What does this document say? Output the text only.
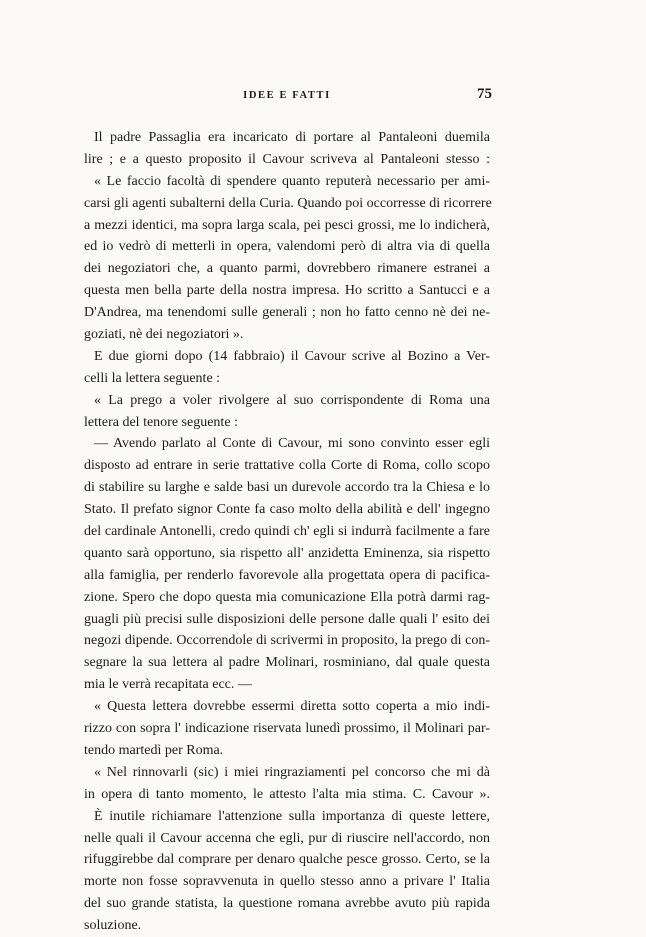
IDEE E FATTI	75
Il padre Passaglia era incaricato di portare al Pantaleoni duemila
lire ; e a questo proposito il Cavour scriveva al Pantaleoni stesso :
« Le faccio facoltà di spendere quanto reputerà necessario per ami-
carsi gli agenti subalterni della Curia. Quando poi occorresse di ricorrere
a mezzi identici, ma sopra larga scala, pei pesci grossi, me lo indicherà,
ed io vedrò di metterli in opera, valendomi però di altra via di quella
dei negoziatori che, a quanto parmi, dovrebbero rimanere estranei a
questa men bella parte della nostra impresa. Ho scritto a Santucci e a
D'Andrea, ma tenendomi sulle generali ; non ho fatto cenno nè dei ne-
goziati, nè dei negoziatori ».
E due giorni dopo (14 fabbraio) il Cavour scrive al Bozino a Ver-
celli la lettera seguente :
« La prego a voler rivolgere al suo corrispondente di Roma una
lettera del tenore seguente :
— Avendo parlato al Conte di Cavour, mi sono convinto esser egli
disposto ad entrare in serie trattative colla Corte di Roma, collo scopo
di stabilire su larghe e salde basi un durevole accordo tra la Chiesa e lo
Stato. Il prefato signor Conte fa caso molto della abilità e dell' ingegno
del cardinale Antonelli, credo quindi ch' egli si indurrà facilmente a fare
quanto sarà opportuno, sia rispetto all' anzidetta Eminenza, sia rispetto
alla famiglia, per renderlo favorevole alla progettata opera di pacifica-
zione. Spero che dopo questa mia comunicazione Ella potrà darmi rag-
guagli più precisi sulle disposizioni delle persone dalle quali l' esito dei
negozi dipende. Occorrendole di scrivermi in proposito, la prego di con-
segnare la sua lettera al padre Molinari, rosminiano, dal quale questa
mia le verrà recapitata ecc. —
« Questa lettera dovrebbe essermi diretta sotto coperta a mio indi-
rizzo con sopra l' indicazione riservata lunedì prossimo, il Molinari par-
tendo martedì per Roma.
« Nel rinnovarli (sic) i miei ringraziamenti pel concorso che mi dà
in opera di tanto momento, le attesto l'alta mia stima. C. Cavour ».
È inutile richiamare l'attenzione sulla importanza di queste lettere,
nelle quali il Cavour accenna che egli, pur di riuscire nell'accordo, non
rifuggirebbe dal comprare per denaro qualche pesce grosso. Certo, se la
morte non fosse sopravvenuta in quello stesso anno a privare l' Italia
del suo grande statista, la questione romana avrebbe avuto più rapida
soluzione.
